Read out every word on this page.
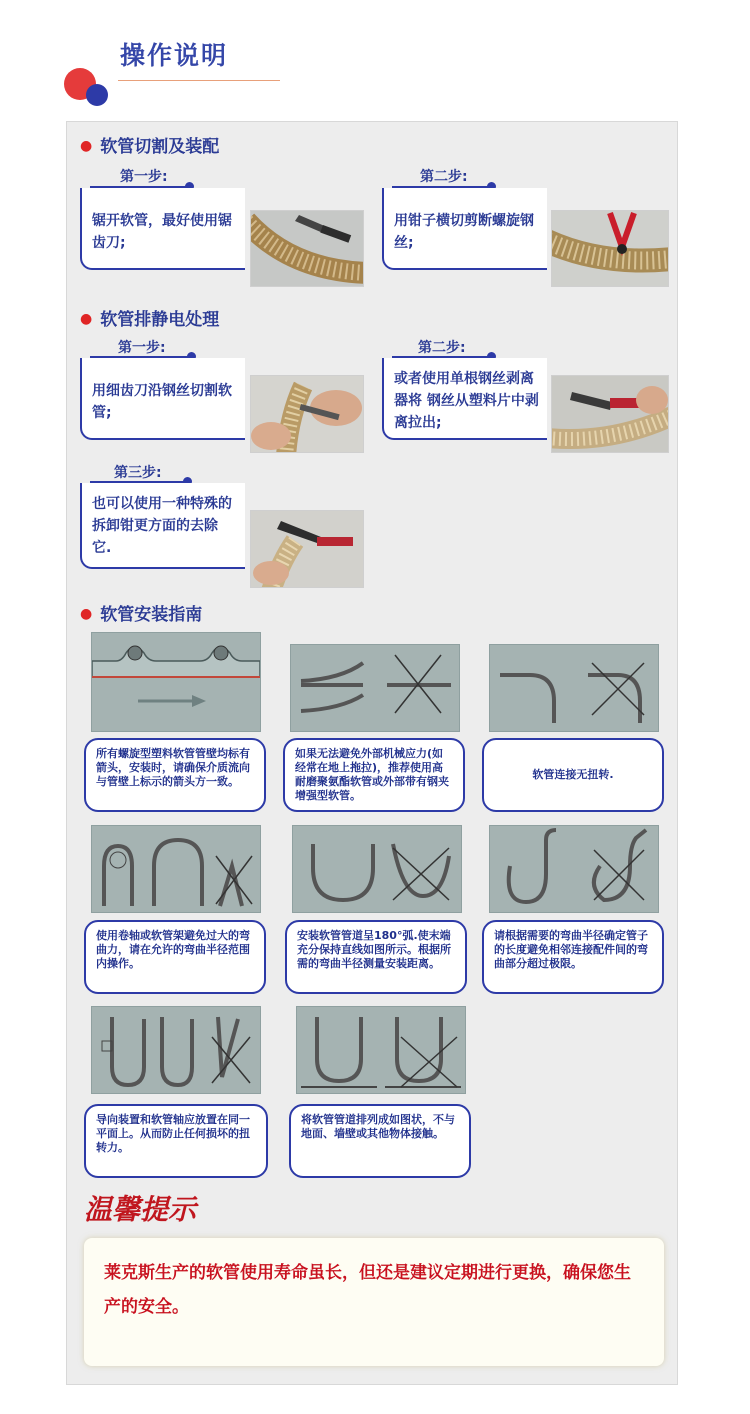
操作说明
● 软管切割及装配
第一步:
锯开软管，最好使用锯齿刀;
第二步:
用钳子横切剪断螺旋钢丝;
● 软管排静电处理
第一步:
用细齿刀沿钢丝切割软管;
第二步:
或者使用单根钢丝剥离器将 钢丝从塑料片中剥离拉出;
第三步:
也可以使用一种特殊的拆卸钳更方面的去除它.
● 软管安装指南
所有螺旋型塑料软管管壁均标有箭头，安装时，请确保介质流向与管壁上标示的箭头方一致。
如果无法避免外部机械应力(如经常在地上拖拉)，推荐使用高耐磨聚氨酯软管或外部带有钢夹增强型软管。
软管连接无扭转.
使用卷轴或软管架避免过大的弯曲力，请在允许的弯曲半径范围内操作。
安装软管管道呈180°弧.使末端充分保持直线如图所示。根据所需的弯曲半径测量安装距离。
请根据需要的弯曲半径确定管子的长度避免相邻连接配件间的弯曲部分超过极限。
导向装置和软管轴应放置在同一平面上。从而防止任何损坏的扭转力。
将软管管道排列成如图状，不与地面、墙壁或其他物体接触。
温馨提示
莱克斯生产的软管使用寿命虽长，但还是建议定期进行更换，确保您生产的安全。
